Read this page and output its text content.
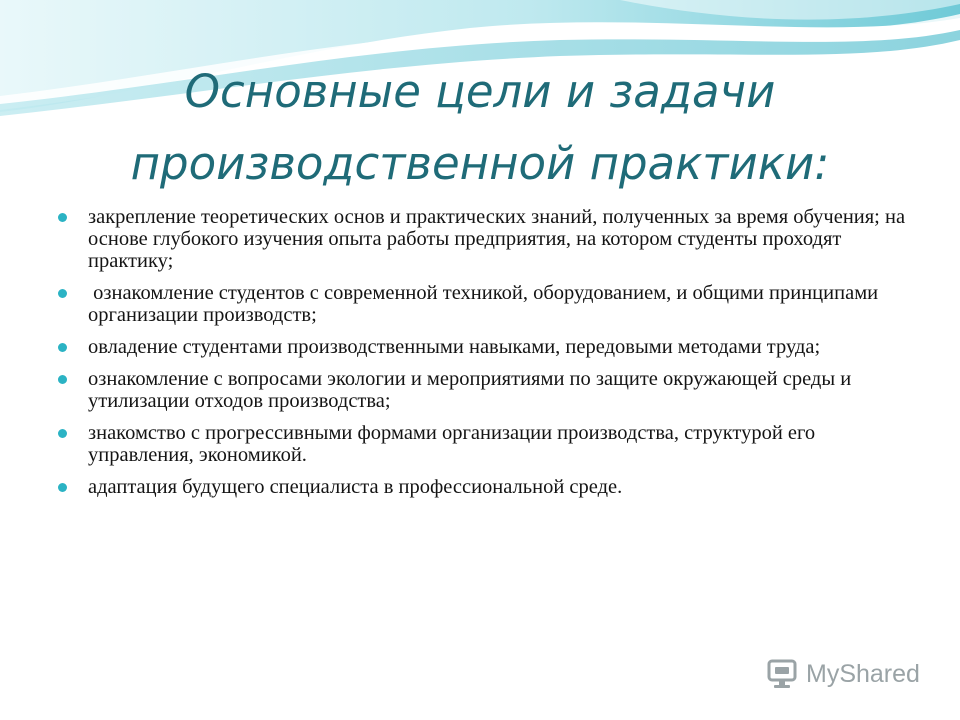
Основные цели и задачи производственной практики:
закрепление теоретических основ и практических знаний, полученных за время обучения; на основе глубокого изучения опыта работы предприятия, на котором студенты проходят практику;
ознакомление студентов с современной техникой, оборудованием, и общими принципами организации производств;
овладение студентами производственными навыками, передовыми методами труда;
ознакомление с вопросами экологии и мероприятиями по защите окружающей среды и утилизации отходов производства;
знакомство с прогрессивными формами организации производства, структурой его управления, экономикой.
адаптация будущего специалиста в профессиональной среде.
MyShared
